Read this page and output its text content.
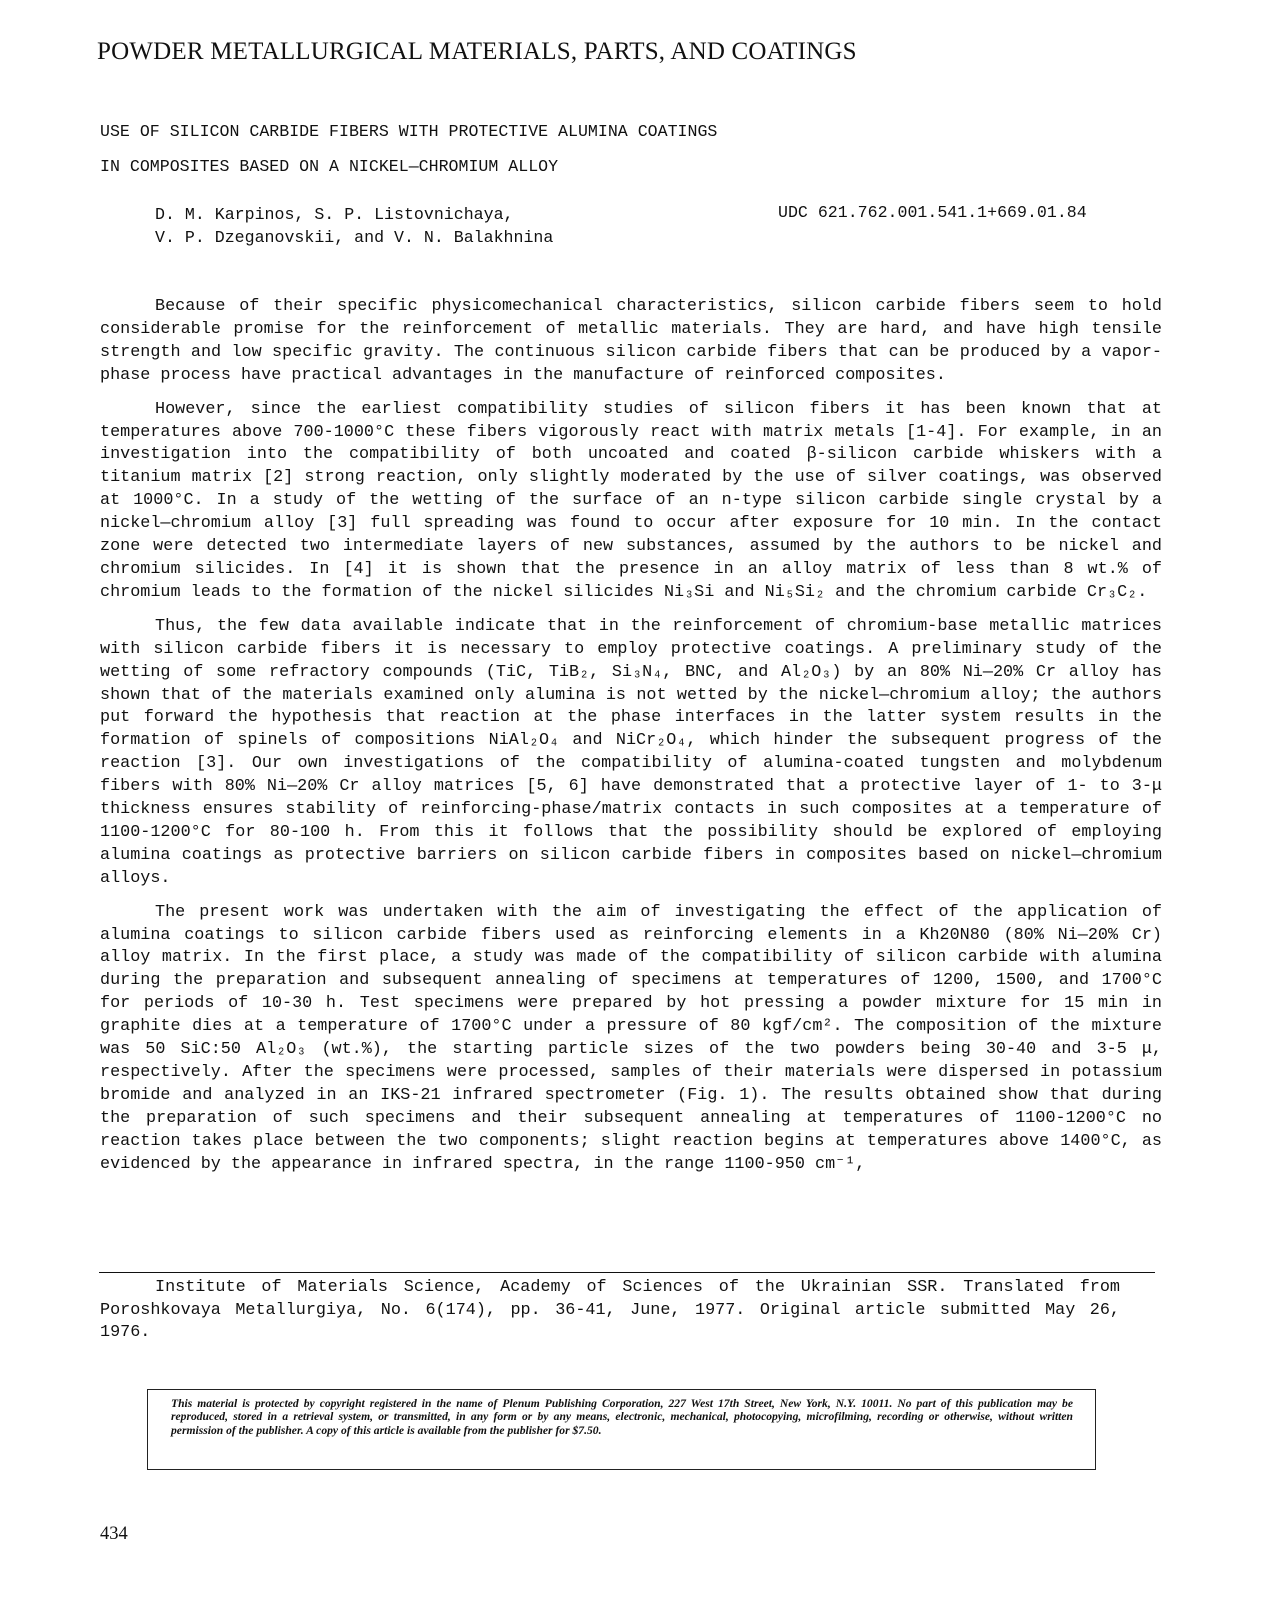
POWDER METALLURGICAL MATERIALS, PARTS, AND COATINGS
USE OF SILICON CARBIDE FIBERS WITH PROTECTIVE ALUMINA COATINGS
IN COMPOSITES BASED ON A NICKEL—CHROMIUM ALLOY
D. M. Karpinos, S. P. Listovnichaya,
V. P. Dzeganovskii, and V. N. Balakhnina
UDC 621.762.001.541.1+669.01.84

Because of their specific physicomechanical characteristics, silicon carbide fibers seem to hold considerable promise for the reinforcement of metallic materials. They are hard, and have high tensile strength and low specific gravity. The continuous silicon carbide fibers that can be produced by a vapor-phase process have practical advantages in the manufacture of reinforced composites.

However, since the earliest compatibility studies of silicon fibers it has been known that at temperatures above 700-1000°C these fibers vigorously react with matrix metals [1-4]. For example, in an investigation into the compatibility of both uncoated and coated β-silicon carbide whiskers with a titanium matrix [2] strong reaction, only slightly moderated by the use of silver coatings, was observed at 1000°C. In a study of the wetting of the surface of an n-type silicon carbide single crystal by a nickel—chromium alloy [3] full spreading was found to occur after exposure for 10 min. In the contact zone were detected two intermediate layers of new substances, assumed by the authors to be nickel and chromium silicides. In [4] it is shown that the presence in an alloy matrix of less than 8 wt.% of chromium leads to the formation of the nickel silicides Ni₃Si and Ni₅Si₂ and the chromium carbide Cr₃C₂.

Thus, the few data available indicate that in the reinforcement of chromium-base metallic matrices with silicon carbide fibers it is necessary to employ protective coatings. A preliminary study of the wetting of some refractory compounds (TiC, TiB₂, Si₃N₄, BNC, and Al₂O₃) by an 80% Ni—20% Cr alloy has shown that of the materials examined only alumina is not wetted by the nickel—chromium alloy; the authors put forward the hypothesis that reaction at the phase interfaces in the latter system results in the formation of spinels of compositions NiAl₂O₄ and NiCr₂O₄, which hinder the subsequent progress of the reaction [3]. Our own investigations of the compatibility of alumina-coated tungsten and molybdenum fibers with 80% Ni—20% Cr alloy matrices [5, 6] have demonstrated that a protective layer of 1- to 3-μ thickness ensures stability of reinforcing-phase/matrix contacts in such composites at a temperature of 1100-1200°C for 80-100 h. From this it follows that the possibility should be explored of employing alumina coatings as protective barriers on silicon carbide fibers in composites based on nickel—chromium alloys.

The present work was undertaken with the aim of investigating the effect of the application of alumina coatings to silicon carbide fibers used as reinforcing elements in a Kh20N80 (80% Ni—20% Cr) alloy matrix. In the first place, a study was made of the compatibility of silicon carbide with alumina during the preparation and subsequent annealing of specimens at temperatures of 1200, 1500, and 1700°C for periods of 10-30 h. Test specimens were prepared by hot pressing a powder mixture for 15 min in graphite dies at a temperature of 1700°C under a pressure of 80 kgf/cm². The composition of the mixture was 50 SiC:50 Al₂O₃ (wt.%), the starting particle sizes of the two powders being 30-40 and 3-5 μ, respectively. After the specimens were processed, samples of their materials were dispersed in potassium bromide and analyzed in an IKS-21 infrared spectrometer (Fig. 1). The results obtained show that during the preparation of such specimens and their subsequent annealing at temperatures of 1100-1200°C no reaction takes place between the two components; slight reaction begins at temperatures above 1400°C, as evidenced by the appearance in infrared spectra, in the range 1100-950 cm⁻¹,

Institute of Materials Science, Academy of Sciences of the Ukrainian SSR. Translated from Poroshkovaya Metallurgiya, No. 6(174), pp. 36-41, June, 1977. Original article submitted May 26, 1976.

This material is protected by copyright registered in the name of Plenum Publishing Corporation, 227 West 17th Street, New York, N.Y. 10011. No part of this publication may be reproduced, stored in a retrieval system, or transmitted, in any form or by any means, electronic, mechanical, photocopying, microfilming, recording or otherwise, without written permission of the publisher. A copy of this article is available from the publisher for $7.50.

434
